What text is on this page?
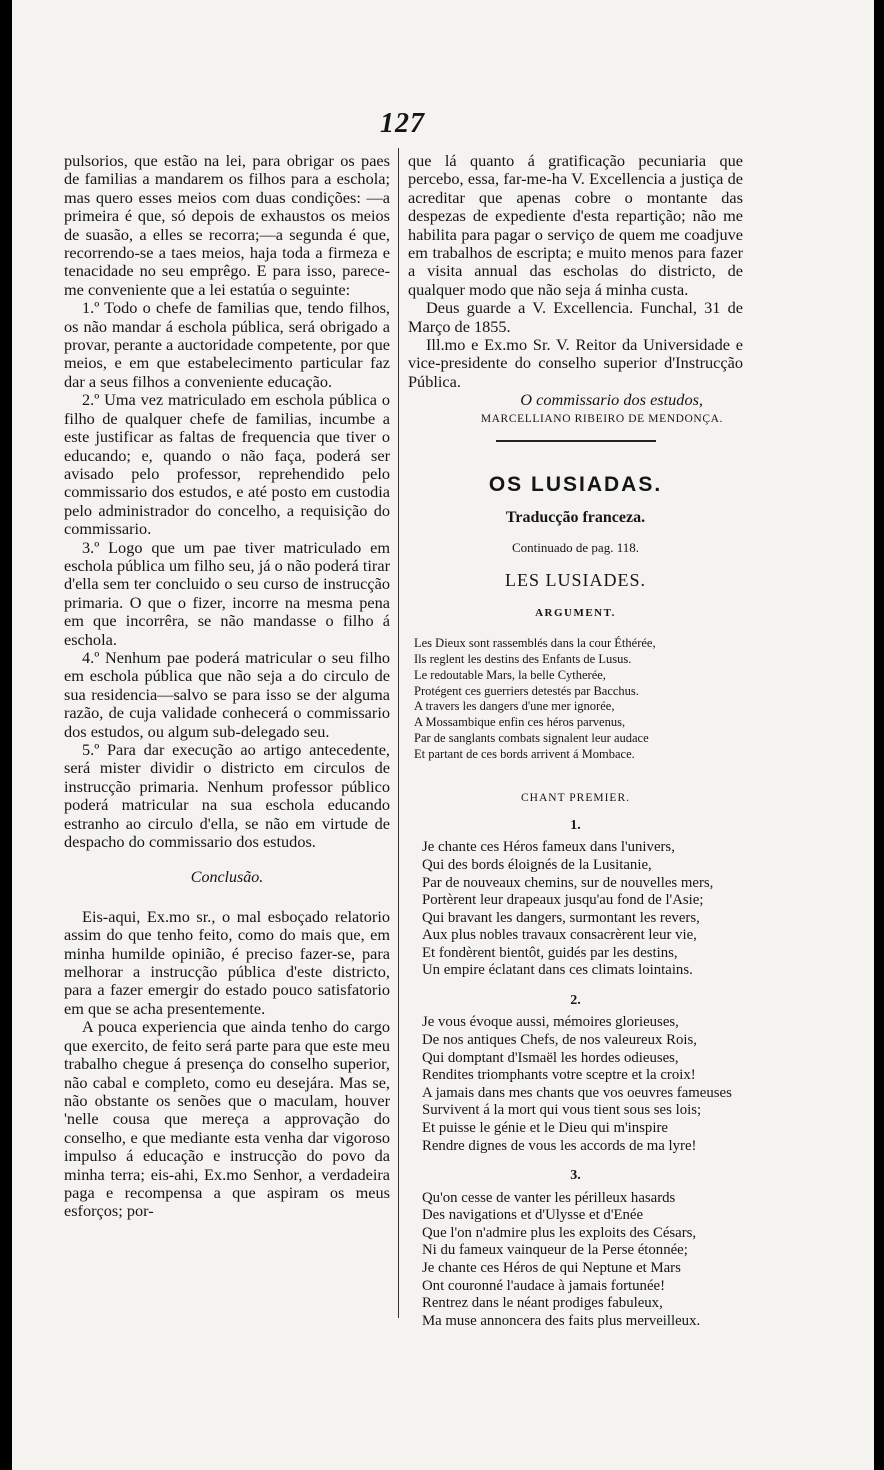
127

pulsorios, que estão na lei, para obrigar os paes de familias a mandarem os filhos para a eschola; mas quero esses meios com duas condições: —a primeira é que, só depois de exhaustos os meios de suasão, a elles se recorra;—a segunda é que, recorrendo-se a taes meios, haja toda a firmeza e tenacidade no seu emprêgo. E para isso, parece-me conveniente que a lei estatúa o seguinte:

1.º Todo o chefe de familias que, tendo filhos, os não mandar á eschola pública, será obrigado a provar, perante a auctoridade competente, por que meios, e em que estabelecimento particular faz dar a seus filhos a conveniente educação.

2.º Uma vez matriculado em eschola pública o filho de qualquer chefe de familias, incumbe a este justificar as faltas de frequencia que tiver o educando; e, quando o não faça, poderá ser avisado pelo professor, reprehendido pelo commissario dos estudos, e até posto em custodia pelo administrador do concelho, a requisição do commissario.

3.º Logo que um pae tiver matriculado em eschola pública um filho seu, já o não poderá tirar d'ella sem ter concluido o seu curso de instrucção primaria. O que o fizer, incorre na mesma pena em que incorrêra, se não mandasse o filho á eschola.

4.º Nenhum pae poderá matricular o seu filho em eschola pública que não seja a do circulo de sua residencia—salvo se para isso se der alguma razão, de cuja validade conhecerá o commissario dos estudos, ou algum sub-delegado seu.

5.º Para dar execução ao artigo antecedente, será mister dividir o districto em circulos de instrucção primaria. Nenhum professor público poderá matricular na sua eschola educando estranho ao circulo d'ella, se não em virtude de despacho do commissario dos estudos.

Conclusão.

Eis-aqui, Ex.mo sr., o mal esboçado relatorio assim do que tenho feito, como do mais que, em minha humilde opinião, é preciso fazer-se, para melhorar a instrucção pública d'este districto, para a fazer emergir do estado pouco satisfatorio em que se acha presentemente.

A pouca experiencia que ainda tenho do cargo que exercito, de feito será parte para que este meu trabalho chegue á presença do conselho superior, não cabal e completo, como eu desejára. Mas se, não obstante os senões que o maculam, houver 'nelle cousa que mereça a approvação do conselho, e que mediante esta venha dar vigoroso impulso á educação e instrucção do povo da minha terra; eis-ahi, Ex.mo Senhor, a verdadeira paga e recompensa a que aspiram os meus esforços; por-

que lá quanto á gratificação pecuniaria que percebo, essa, far-me-ha V. Excellencia a justiça de acreditar que apenas cobre o montante das despezas de expediente d'esta repartição; não me habilita para pagar o serviço de quem me coadjuve em trabalhos de escripta; e muito menos para fazer a visita annual das escholas do districto, de qualquer modo que não seja á minha custa.

Deus guarde a V. Excellencia. Funchal, 31 de Março de 1855.

Ill.mo e Ex.mo Sr. V. Reitor da Universidade e vice-presidente do conselho superior d'Instrucção Pública.

O commissario dos estudos,
MARCELLIANO RIBEIRO DE MENDONÇA.
OS LUSIADAS.
Traducção franceza.
Continuado de pag. 118.
LES LUSIADES.
ARGUMENT.
Les Dieux sont rassemblés dans la cour Éthérée,
Ils reglent les destins des Enfants de Lusus.
Le redoutable Mars, la belle Cytherée,
Protégent ces guerriers detestés par Bacchus.
A travers les dangers d'une mer ignorée,
A Mossambique enfin ces héros parvenus,
Par de sanglants combats signalent leur audace
Et partant de ces bords arrivent á Mombace.
CHANT PREMIER.
1.
Je chante ces Héros fameux dans l'univers,
Qui des bords éloignés de la Lusitanie,
Par de nouveaux chemins, sur de nouvelles mers,
Portèrent leur drapeaux jusqu'au fond de l'Asie;
Qui bravant les dangers, surmontant les revers,
Aux plus nobles travaux consacrèrent leur vie,
Et fondèrent bientôt, guidés par les destins,
Un empire éclatant dans ces climats lointains.
2.
Je vous évoque aussi, mémoires glorieuses,
De nos antiques Chefs, de nos valeureux Rois,
Qui domptant d'Ismaël les hordes odieuses,
Rendites triomphants votre sceptre et la croix!
A jamais dans mes chants que vos oeuvres fameuses
Survivent á la mort qui vous tient sous ses lois;
Et puisse le génie et le Dieu qui m'inspire
Rendre dignes de vous les accords de ma lyre!
3.
Qu'on cesse de vanter les périlleux hasards
Des navigations et d'Ulysse et d'Enée
Que l'on n'admire plus les exploits des Césars,
Ni du fameux vainqueur de la Perse étonnée;
Je chante ces Héros de qui Neptune et Mars
Ont couronné l'audace à jamais fortunée!
Rentrez dans le néant prodiges fabuleux,
Ma muse annoncera des faits plus merveilleux.
